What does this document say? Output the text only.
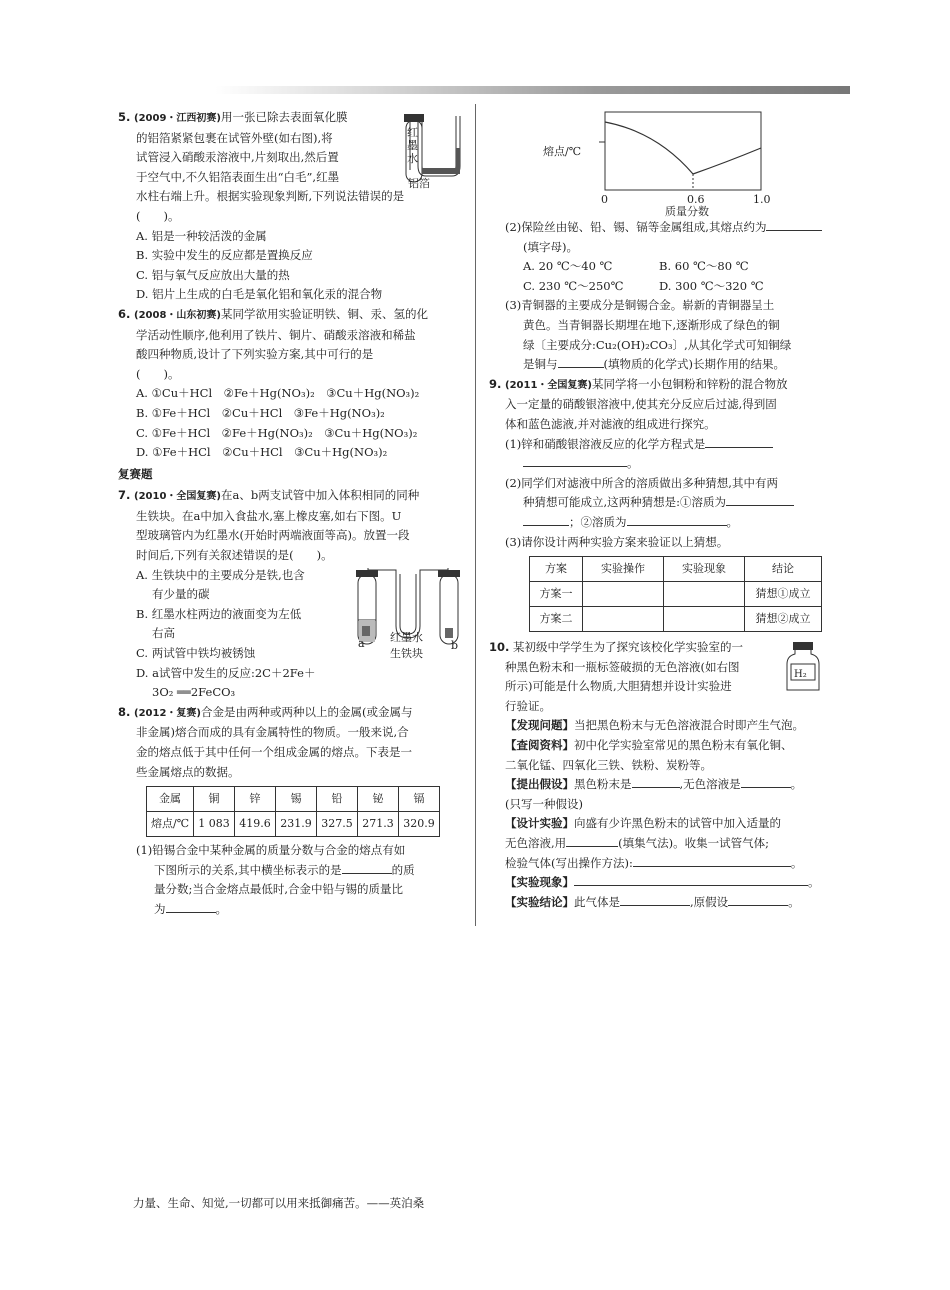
5. (2009・江西初赛)用一张已除去表面氧化膜
的铝箔紧紧包裹在试管外壁(如右图),将
试管浸入硝酸汞溶液中,片刻取出,然后置
于空气中,不久铝箔表面生出“白毛”,红墨
水柱右端上升。根据实验现象判断,下列说法错误的是
(　　)。
A. 铝是一种较活泼的金属
B. 实验中发生的反应都是置换反应
C. 铝与氧气反应放出大量的热
D. 铝片上生成的白毛是氧化铝和氧化汞的混合物
红墨水
铝箔
6. (2008・山东初赛)某同学欲用实验证明铁、铜、汞、氢的化
学活动性顺序,他利用了铁片、铜片、硝酸汞溶液和稀盐
酸四种物质,设计了下列实验方案,其中可行的是
(　　)。
A. ①Cu＋HCl　②Fe＋Hg(NO₃)₂　③Cu＋Hg(NO₃)₂
B. ①Fe＋HCl　②Cu＋HCl　③Fe＋Hg(NO₃)₂
C. ①Fe＋HCl　②Fe＋Hg(NO₃)₂　③Cu＋Hg(NO₃)₂
D. ①Fe＋HCl　②Cu＋HCl　③Cu＋Hg(NO₃)₂
复赛题
7. (2010・全国复赛)在a、b两支试管中加入体积相同的同种
生铁块。在a中加入食盐水,塞上橡皮塞,如右下图。U
型玻璃管内为红墨水(开始时两端液面等高)。放置一段
时间后,下列有关叙述错误的是(　　)。
A. 生铁块中的主要成分是铁,也含
有少量的碳
B. 红墨水柱两边的液面变为左低
右高
C. 两试管中铁均被锈蚀
D. a试管中发生的反应:2C＋2Fe＋
3O₂ ══2FeCO₃
红墨水
生铁块
a	b
8. (2012・复赛)合金是由两种或两种以上的金属(或金属与
非金属)熔合而成的具有金属特性的物质。一般来说,合
金的熔点低于其中任何一个组成金属的熔点。下表是一
些金属熔点的数据。
金属	铜	锌	锡	铅	铋	镉
熔点/℃	1 083	419.6	231.9	327.5	271.3	320.9
(1)铅锡合金中某种金属的质量分数与合金的熔点有如
下图所示的关系,其中横坐标表示的是	的质
量分数;当合金熔点最低时,合金中铅与锡的质量比
为	。
熔点/℃
0	0.6	1.0
质量分数
(2)保险丝由铋、铅、锡、镉等金属组成,其熔点约为
(填字母)。
A. 20 ℃～40 ℃	B. 60 ℃～80 ℃
C. 230 ℃～250℃	D. 300 ℃～320 ℃
(3)青铜器的主要成分是铜锡合金。崭新的青铜器呈土
黄色。当青铜器长期埋在地下,逐渐形成了绿色的铜
绿〔主要成分:Cu₂(OH)₂CO₃〕,从其化学式可知铜绿
是铜与	(填物质的化学式)长期作用的结果。
9. (2011・全国复赛)某同学将一小包铜粉和锌粉的混合物放
入一定量的硝酸银溶液中,使其充分反应后过滤,得到固
体和蓝色滤液,并对滤液的组成进行探究。
(1)锌和硝酸银溶液反应的化学方程式是
。
(2)同学们对滤液中所含的溶质做出多种猜想,其中有两
种猜想可能成立,这两种猜想是:①溶质为
；②溶质为	。
(3)请你设计两种实验方案来验证以上猜想。
方案	实验操作	实验现象	结论
方案一			猜想①成立
方案二			猜想②成立
10. 某初级中学学生为了探究该校化学实验室的一
种黑色粉末和一瓶标签破损的无色溶液(如右图
所示)可能是什么物质,大胆猜想并设计实验进
行验证。
H₂
【发现问题】当把黑色粉末与无色溶液混合时即产生气泡。
【查阅资料】初中化学实验室常见的黑色粉末有氧化铜、
二氧化锰、四氧化三铁、铁粉、炭粉等。
【提出假设】黑色粉末是	,无色溶液是	。
(只写一种假设)
【设计实验】向盛有少许黑色粉末的试管中加入适量的
无色溶液,用	(填集气法)。收集一试管气体;
检验气体(写出操作方法):	。
【实验现象】	。
【实验结论】此气体是	,原假设	。
力量、生命、知觉,一切都可以用来抵御痛苦。——英泊桑
